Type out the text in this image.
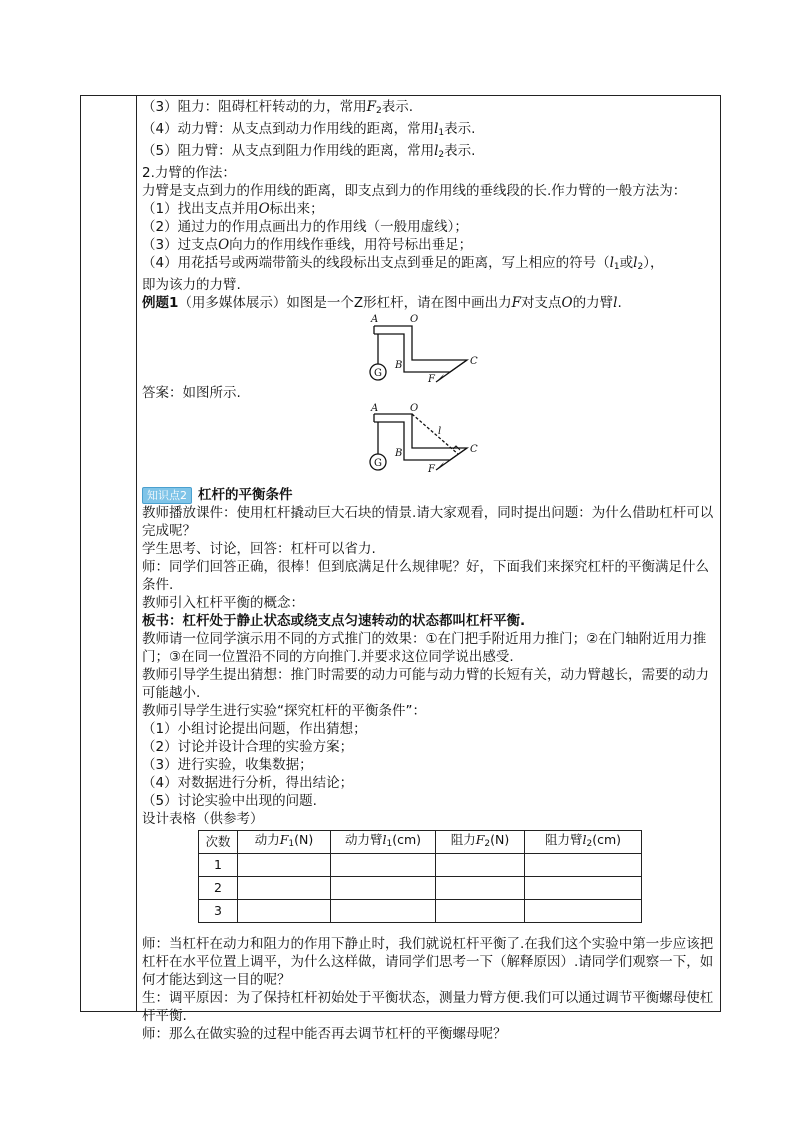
（3）阻力：阻碍杠杆转动的力，常用$F_2$表示.
（4）动力臂：从支点到动力作用线的距离，常用$l_1$表示.
（5）阻力臂：从支点到阻力作用线的距离，常用$l_2$表示.
2.力臂的作法：
力臂是支点到力的作用线的距离，即支点到力的作用线的垂线段的长.作力臂的一般方法为：
（1）找出支点并用O标出来；
（2）通过力的作用点画出力的作用线（一般用虚线）；
（3）过支点O向力的作用线作垂线，用符号标出垂足；
（4）用花括号或两端带箭头的线段标出支点到垂足的距离，写上相应的符号（$l_1$或$l_2$），
即为该力的力臂.
例题1（用多媒体展示）如图是一个Z形杠杆，请在图中画出力F对支点O的力臂l.
A	O
B	C
F
G
答案：如图所示.
A	O
l
B	C
F
G
知识点2 杠杆的平衡条件
教师播放课件：使用杠杆撬动巨大石块的情景.请大家观看，同时提出问题：为什么借助杠杆可以完成呢？
学生思考、讨论，回答：杠杆可以省力.
师：同学们回答正确，很棒！但到底满足什么规律呢？好，下面我们来探究杠杆的平衡满足什么条件.
教师引入杠杆平衡的概念：
板书：杠杆处于静止状态或绕支点匀速转动的状态都叫杠杆平衡.
教师请一位同学演示用不同的方式推门的效果：①在门把手附近用力推门；②在门轴附近用力推门；③在同一位置沿不同的方向推门.并要求这位同学说出感受.
教师引导学生提出猜想：推门时需要的动力可能与动力臂的长短有关，动力臂越长，需要的动力可能越小.
教师引导学生进行实验“探究杠杆的平衡条件”：
（1）小组讨论提出问题，作出猜想；
（2）讨论并设计合理的实验方案；
（3）进行实验，收集数据；
（4）对数据进行分析，得出结论；
（5）讨论实验中出现的问题.
设计表格（供参考）
次数	动力$F_1(N)$	动力臂$l_1(cm)$	阻力$F_2(N)$	阻力臂$l_2(cm)$
1				
2				
3				
师：当杠杆在动力和阻力的作用下静止时，我们就说杠杆平衡了.在我们这个实验中第一步应该把杠杆在水平位置上调平，为什么这样做，请同学们思考一下（解释原因）.请同学们观察一下，如何才能达到这一目的呢？
生：调平原因：为了保持杠杆初始处于平衡状态，测量力臂方便.我们可以通过调节平衡螺母使杠杆平衡.
师：那么在做实验的过程中能否再去调节杠杆的平衡螺母呢？
